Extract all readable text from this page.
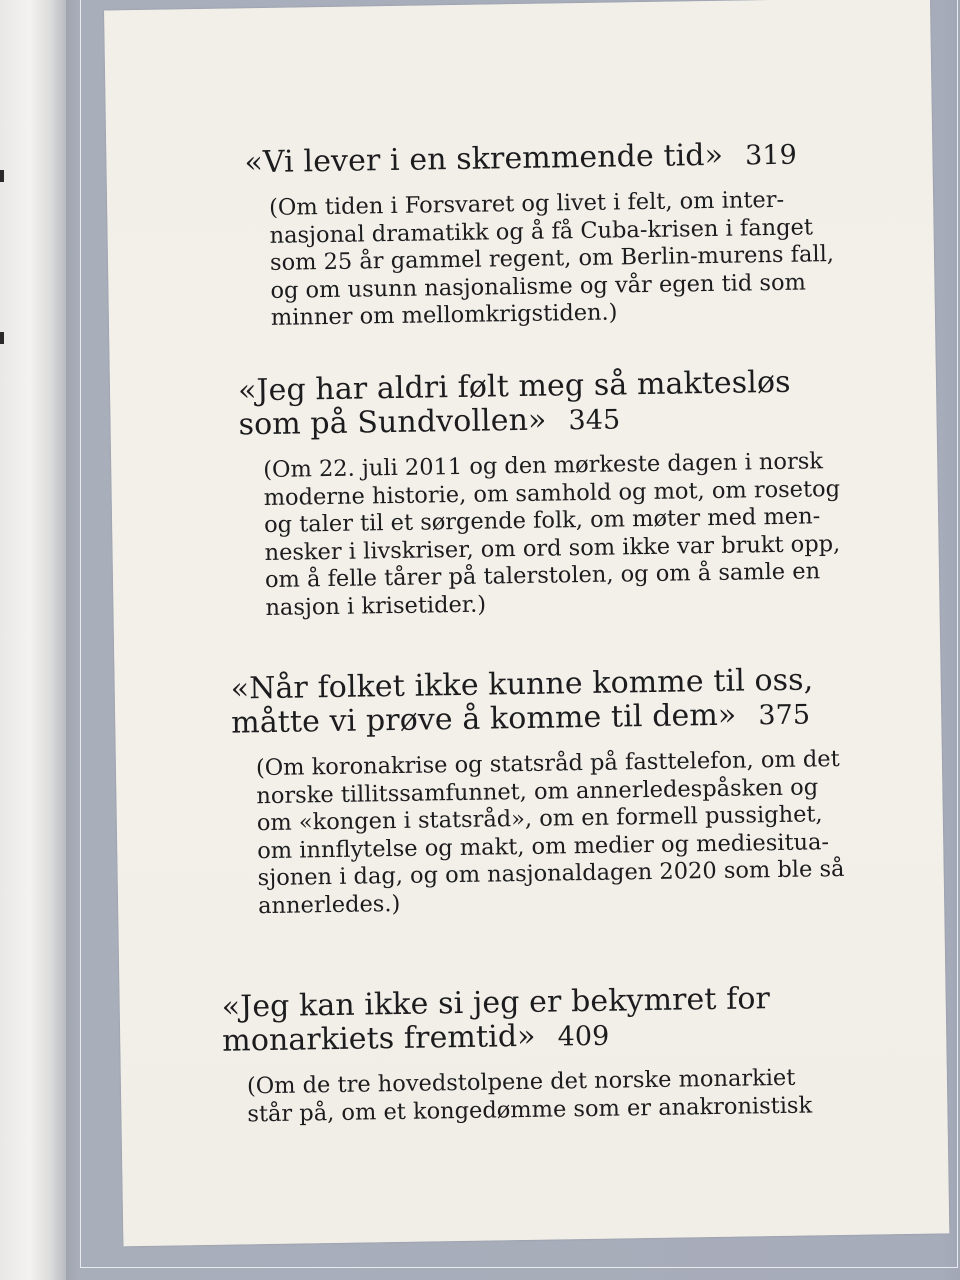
«Vi lever i en skremmende tid» 319
(Om tiden i Forsvaret og livet i felt, om inter-
nasjonal dramatikk og å få Cuba-krisen i fanget
som 25 år gammel regent, om Berlin-murens fall,
og om usunn nasjonalisme og vår egen tid som
minner om mellomkrigstiden.)
«Jeg har aldri følt meg så maktesløs
som på Sundvollen» 345
(Om 22. juli 2011 og den mørkeste dagen i norsk
moderne historie, om samhold og mot, om rosetog
og taler til et sørgende folk, om møter med men-
nesker i livskriser, om ord som ikke var brukt opp,
om å felle tårer på talerstolen, og om å samle en
nasjon i krisetider.)
«Når folket ikke kunne komme til oss,
måtte vi prøve å komme til dem» 375
(Om koronakrise og statsråd på fasttelefon, om det
norske tillitssamfunnet, om annerledespåsken og
om «kongen i statsråd», om en formell pussighet,
om innflytelse og makt, om medier og mediesitua-
sjonen i dag, og om nasjonaldagen 2020 som ble så
annerledes.)
«Jeg kan ikke si jeg er bekymret for
monarkiets fremtid» 409
(Om de tre hovedstolpene det norske monarkiet
står på, om et kongedømme som er anakronistisk
